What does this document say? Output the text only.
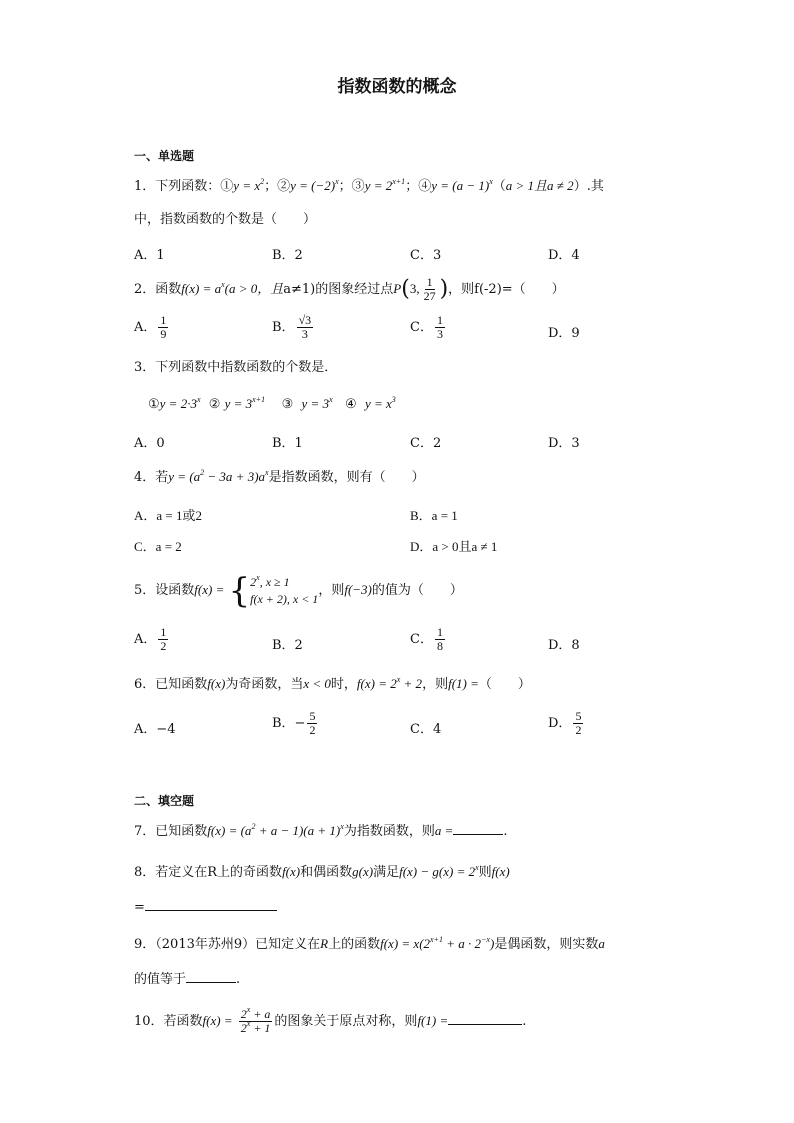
指数函数的概念
一、单选题
1．下列函数：①y = $x^2$；②y = $(-2)^x$；③y = $2^{x+1}$；④y = $(a - 1)^x(a > 1$且a ≠ 2）.其
中，指数函数的个数是（　　）
A．1	B．2	C．3	D．4
2．函数$f(x) = a^x(a > 0$，且a≠1)的图象经过点P(3, $\frac{1}{27}$ )，则f(-2)=（　　）
A． $\frac{1}{9}$	B． $\frac{√3}{3}$	C． $\frac{1}{3}$	D．9
3．下列函数中指数函数的个数是．
①y = $2\cdot 3^x$ ② $y = 3^{x+1}$ ③ $y = 3^x$ ④ $y = x^3$
A．0	B．1	C．2	D．3
4．若$y = (a^2 - 3a + 3)a^x$是指数函数，则有（　　）
A．a = 1或2	B．a = 1
C．a = 2	D．a > 0且a ≠ 1
5．设函数f(x) = { 2$^x$, x ≥ 1
f(x + 2), x < 1
，则f(−3)的值为（　　）
A． $\frac{1}{2}$	B．2	C． $\frac{1}{8}$	D．8
6．已知函数f(x)为奇函数，当x < 0时，$f(x) = 2^x + 2$，则f(1) =（　　）
A．−4	B．− $\frac{5}{2}$	C．4	D． $\frac{5}{2}$
二、填空题
7．已知函数$f(x) = (a^2 + a - 1)(a + 1)^x$为指数函数，则a =	.
8．若定义在R上的奇函数f(x)和偶函数g(x)满足$f(x) - g(x) = 2^x$则f(x)
=
9．（2013年苏州9）已知定义在R上的函数$f(x) = x(2^{x+1} + a \cdot 2^{-x})$是偶函数，则实数a
的值等于	.
10．若函数$f(x) = \frac{2^x + a}{2^x + 1}$ 的图象关于原点对称，则f(1) =	.
